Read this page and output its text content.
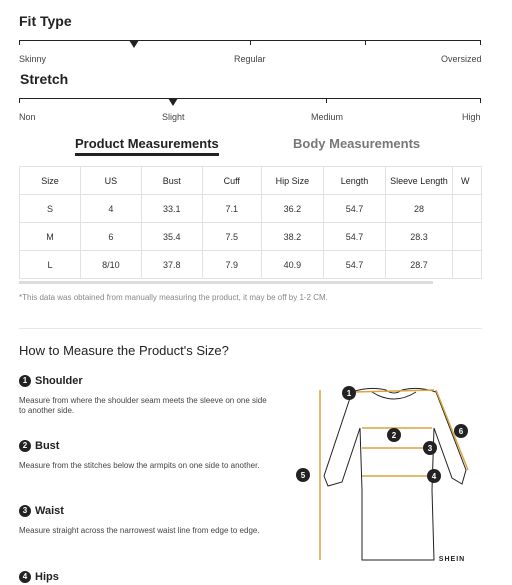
Fit Type
Skinny	Regular	Oversized
Stretch
Non	Slight	Medium	High
Product Measurements	Body Measurements
Size	US	Bust	Cuff	Hip Size	Length	Sleeve Length	W
S	4	33.1	7.1	36.2	54.7	28	
M	6	35.4	7.5	38.2	54.7	28.3	
L	8/10	37.8	7.9	40.9	54.7	28.7	
*This data was obtained from manually measuring the product, it may be off by 1-2 CM.
How to Measure the Product's Size?
1 Shoulder
Measure from where the shoulder seam meets the sleeve on one side to another side.
2 Bust
Measure from the stitches below the armpits on one side to another.
3 Waist
Measure straight across the narrowest waist line from edge to edge.
4 Hips
1
2
3
4
5
6
SHEIN
